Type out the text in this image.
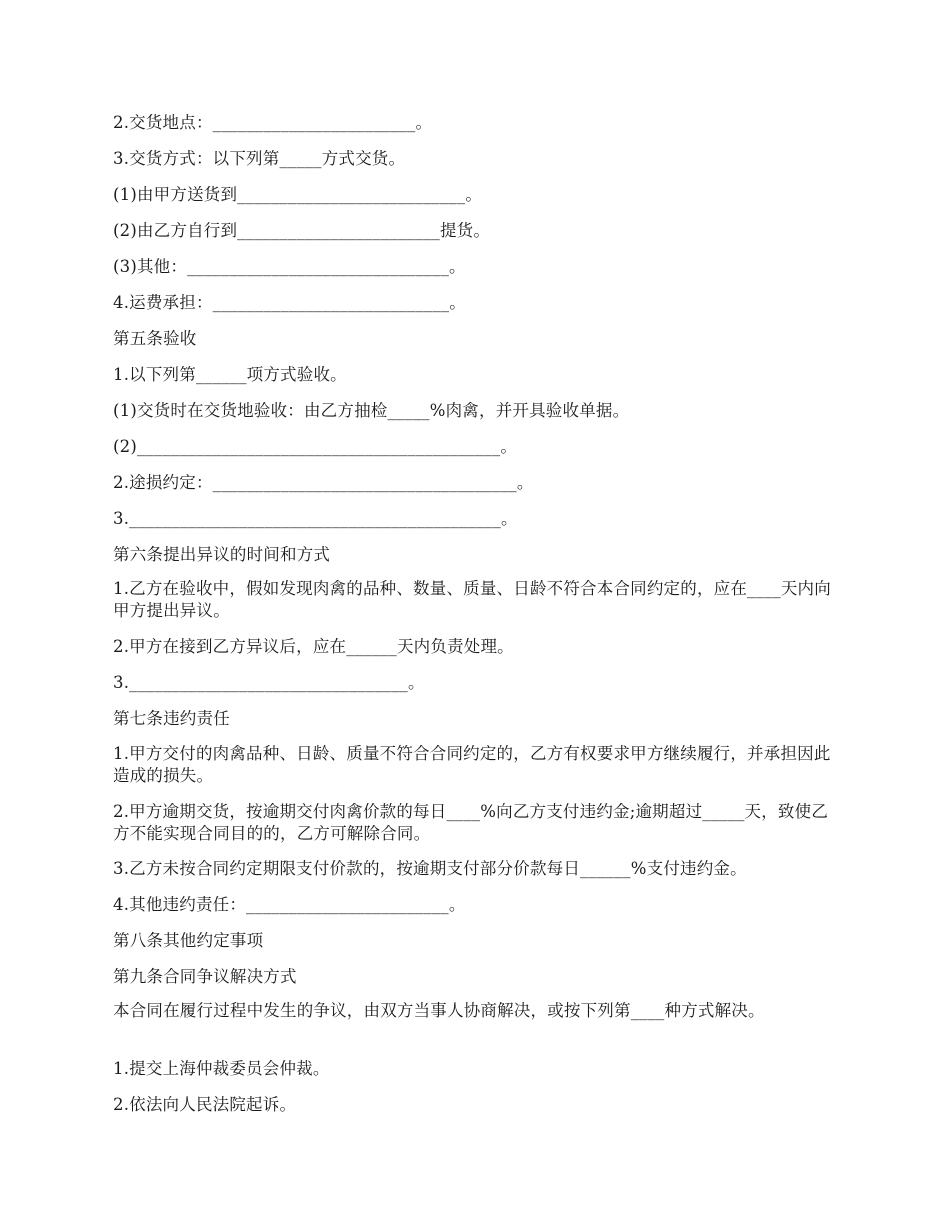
2.交货地点：________________________。

3.交货方式：以下列第_____方式交货。

(1)由甲方送货到___________________________。

(2)由乙方自行到________________________提货。

(3)其他：_______________________________。

4.运费承担：____________________________。

第五条验收

1.以下列第______项方式验收。

(1)交货时在交货地验收：由乙方抽检_____%肉禽，并开具验收单据。

(2)___________________________________________。

2.途损约定：____________________________________。

3.____________________________________________。

第六条提出异议的时间和方式

1.乙方在验收中，假如发现肉禽的品种、数量、质量、日龄不符合本合同约定的，应在____天内向甲方提出异议。

2.甲方在接到乙方异议后，应在______天内负责处理。

3._________________________________。

第七条违约责任

1.甲方交付的肉禽品种、日龄、质量不符合合同约定的，乙方有权要求甲方继续履行，并承担因此造成的损失。

2.甲方逾期交货，按逾期交付肉禽价款的每日____%向乙方支付违约金;逾期超过_____天，致使乙方不能实现合同目的的，乙方可解除合同。

3.乙方未按合同约定期限支付价款的，按逾期支付部分价款每日______%支付违约金。

4.其他违约责任：________________________。

第八条其他约定事项

第九条合同争议解决方式

本合同在履行过程中发生的争议，由双方当事人协商解决，或按下列第____种方式解决。

1.提交上海仲裁委员会仲裁。

2.依法向人民法院起诉。
